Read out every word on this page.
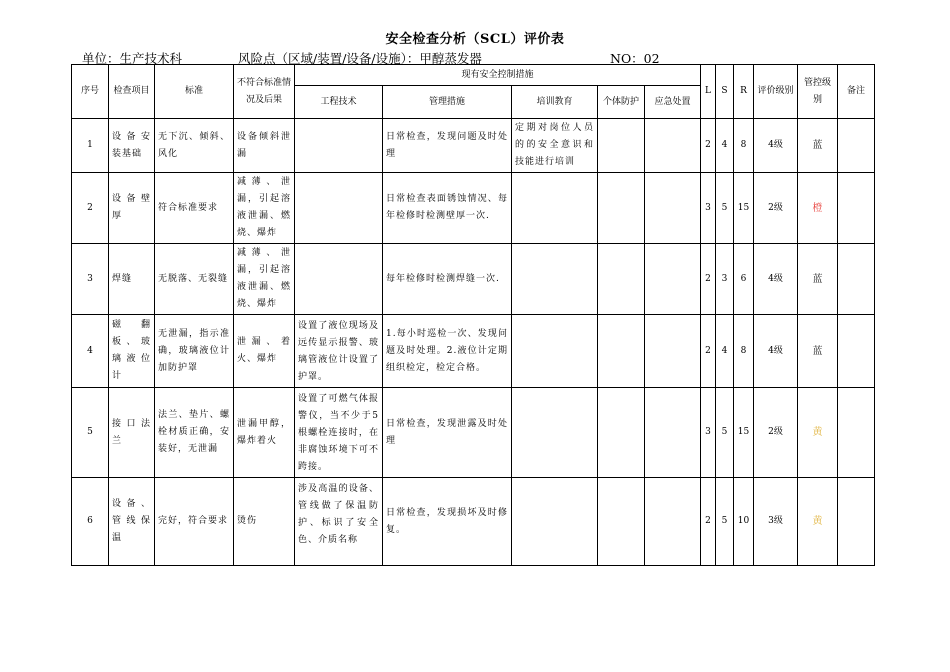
安全检查分析（SCL）评价表
单位：生产技术科	风险点（区域/装置/设备/设施）：甲醇蒸发器	NO：02
序号	检查项目	标准	不符合标准情况及后果	现有安全控制措施					L	S	R	评价级别	管控级别	备注
				工程技术	管理措施	培训教育	个体防护	应急处置						
1	设备安装基础	无下沉、倾斜、风化	设备倾斜泄漏		日常检查，发现问题及时处理	定期对岗位人员的的安全意识和技能进行培训			2	4	8	4级	蓝	
2	设备壁厚	符合标准要求	减薄、泄漏，引起溶液泄漏、燃烧、爆炸		日常检查表面锈蚀情况、每年检修时检测壁厚一次.				3	5	15	2级	橙	
3	焊缝	无脱落、无裂缝	减薄、泄漏，引起溶液泄漏、燃烧、爆炸		每年检修时检测焊缝一次.				2	3	6	4级	蓝	
4	磁翻板、玻璃液位计	无泄漏，指示准确，玻璃液位计加防护罩	泄漏、着火、爆炸	设置了液位现场及远传显示报警、玻璃管液位计设置了护罩。	1.每小时巡检一次、发现问题及时处理。2.液位计定期组织检定，检定合格。				2	4	8	4级	蓝	
5	接口法兰	法兰、垫片、螺栓材质正确，安装好，无泄漏	泄漏甲醇，爆炸着火	设置了可燃气体报警仪，当不少于5根螺栓连接时，在非腐蚀环境下可不跨接。	日常检查，发现泄露及时处理				3	5	15	2级	黄	
6	设备、管线保温	完好，符合要求	烫伤	涉及高温的设备、管线做了保温防护、标识了安全色、介质名称	日常检查，发现损坏及时修复。				2	5	10	3级	黄	
